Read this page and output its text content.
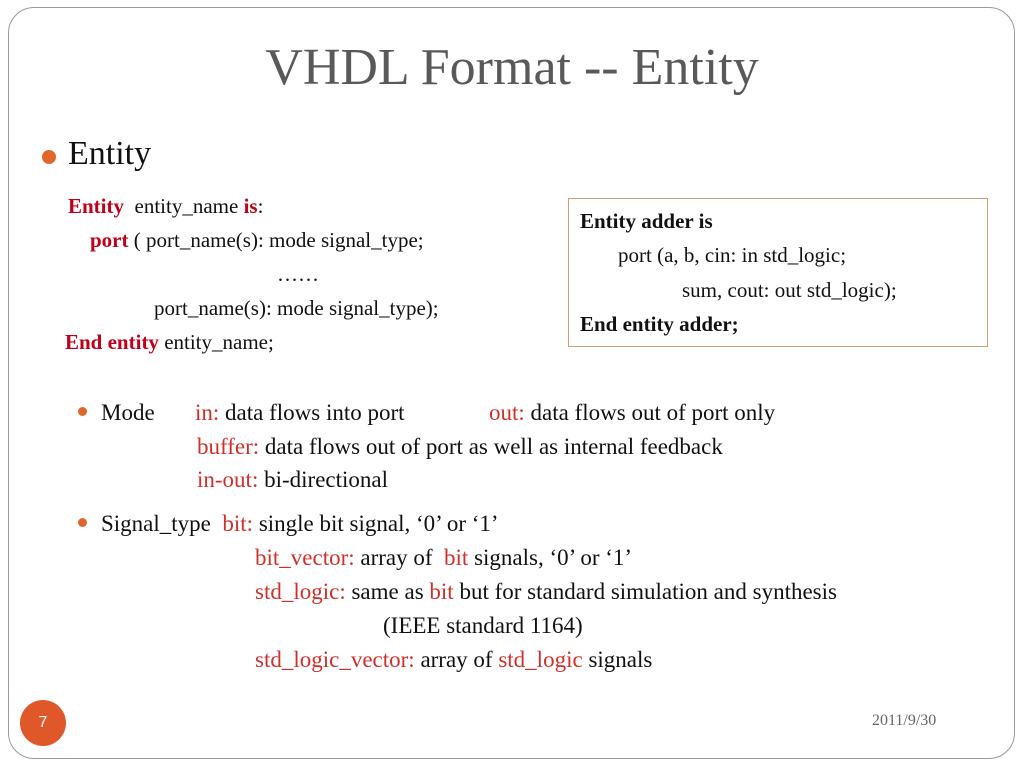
VHDL Format -- Entity
Entity
Entity entity_name is:
port ( port_name(s): mode signal_type;
……
port_name(s): mode signal_type);
End entity entity_name;
Entity adder is
port (a, b, cin: in std_logic;
sum, cout: out std_logic);
End entity adder;
Mode in: data flows into port	out: data flows out of port only
buffer: data flows out of port as well as internal feedback
in-out: bi-directional
Signal_type bit: single bit signal, ‘0’ or ‘1’
bit_vector: array of bit signals, ‘0’ or ‘1’
std_logic: same as bit but for standard simulation and synthesis
(IEEE standard 1164)
std_logic_vector: array of std_logic signals
7	2011/9/30
